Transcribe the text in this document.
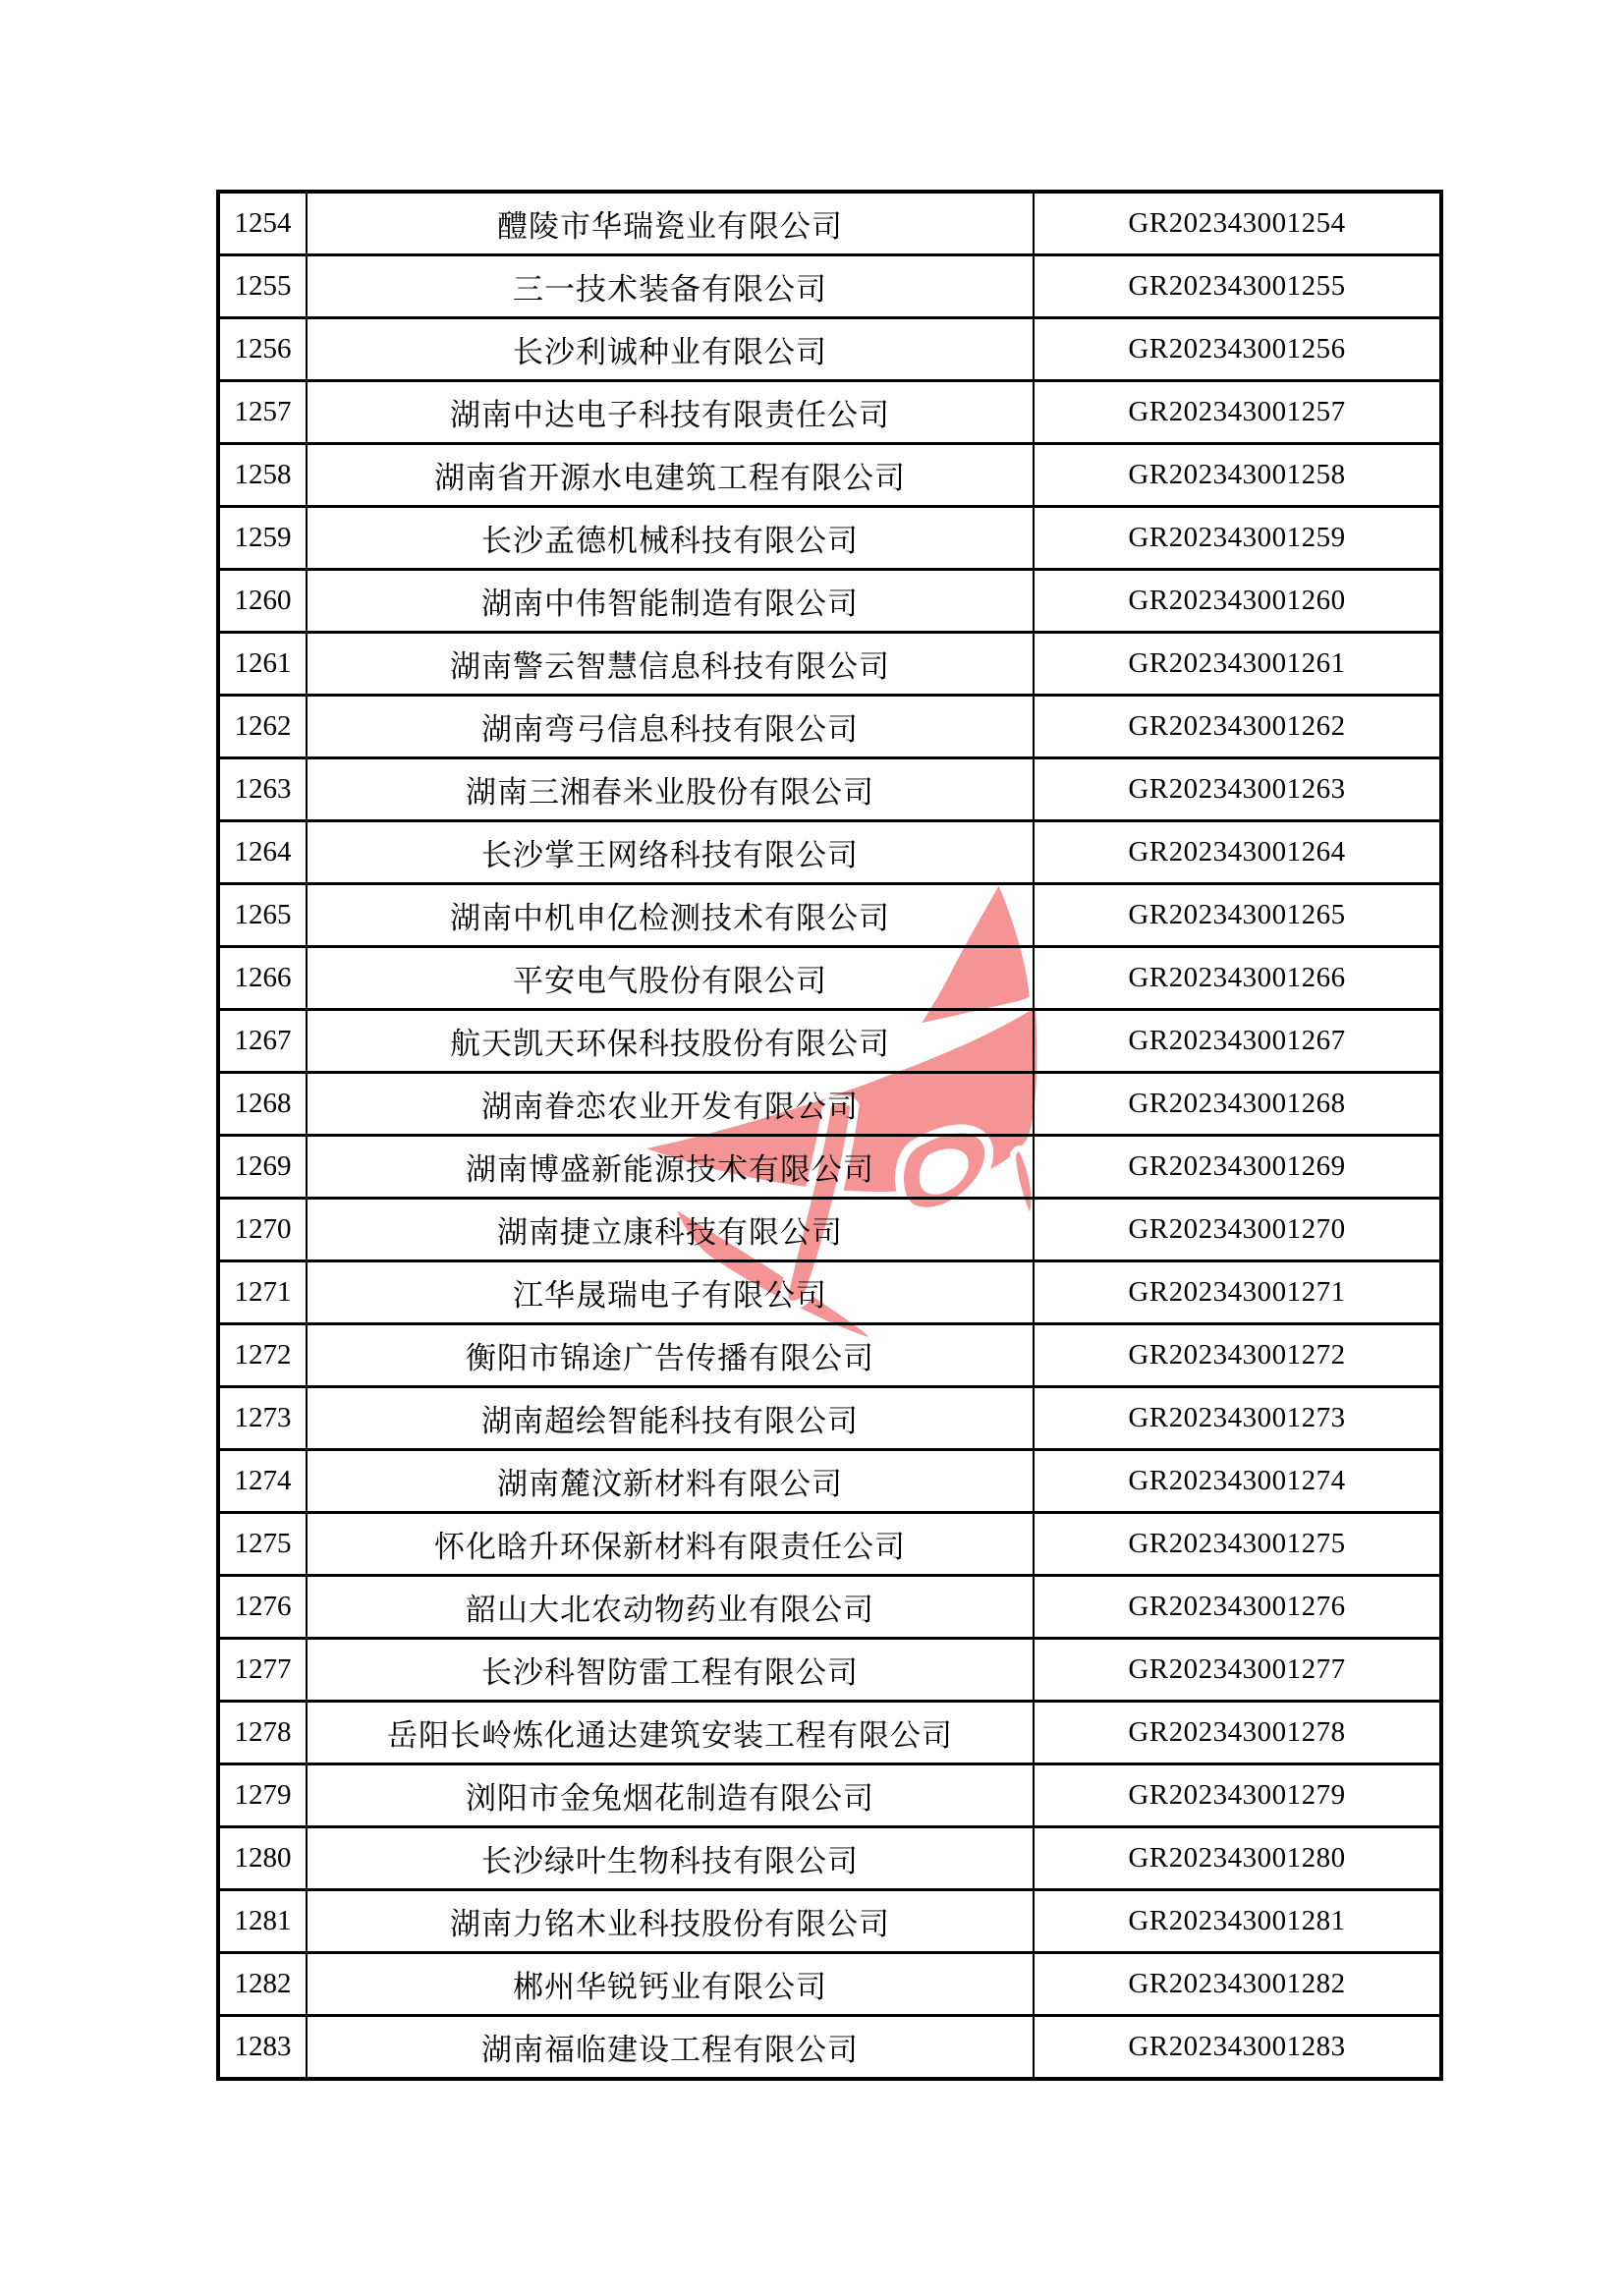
1254	醴陵市华瑞瓷业有限公司	GR202343001254
1255	三一技术装备有限公司	GR202343001255
1256	长沙利诚种业有限公司	GR202343001256
1257	湖南中达电子科技有限责任公司	GR202343001257
1258	湖南省开源水电建筑工程有限公司	GR202343001258
1259	长沙孟德机械科技有限公司	GR202343001259
1260	湖南中伟智能制造有限公司	GR202343001260
1261	湖南警云智慧信息科技有限公司	GR202343001261
1262	湖南弯弓信息科技有限公司	GR202343001262
1263	湖南三湘春米业股份有限公司	GR202343001263
1264	长沙掌王网络科技有限公司	GR202343001264
1265	湖南中机申亿检测技术有限公司	GR202343001265
1266	平安电气股份有限公司	GR202343001266
1267	航天凯天环保科技股份有限公司	GR202343001267
1268	湖南眷恋农业开发有限公司	GR202343001268
1269	湖南博盛新能源技术有限公司	GR202343001269
1270	湖南捷立康科技有限公司	GR202343001270
1271	江华晟瑞电子有限公司	GR202343001271
1272	衡阳市锦途广告传播有限公司	GR202343001272
1273	湖南超绘智能科技有限公司	GR202343001273
1274	湖南麓汶新材料有限公司	GR202343001274
1275	怀化晗升环保新材料有限责任公司	GR202343001275
1276	韶山大北农动物药业有限公司	GR202343001276
1277	长沙科智防雷工程有限公司	GR202343001277
1278	岳阳长岭炼化通达建筑安装工程有限公司	GR202343001278
1279	浏阳市金兔烟花制造有限公司	GR202343001279
1280	长沙绿叶生物科技有限公司	GR202343001280
1281	湖南力铭木业科技股份有限公司	GR202343001281
1282	郴州华锐钙业有限公司	GR202343001282
1283	湖南福临建设工程有限公司	GR202343001283
